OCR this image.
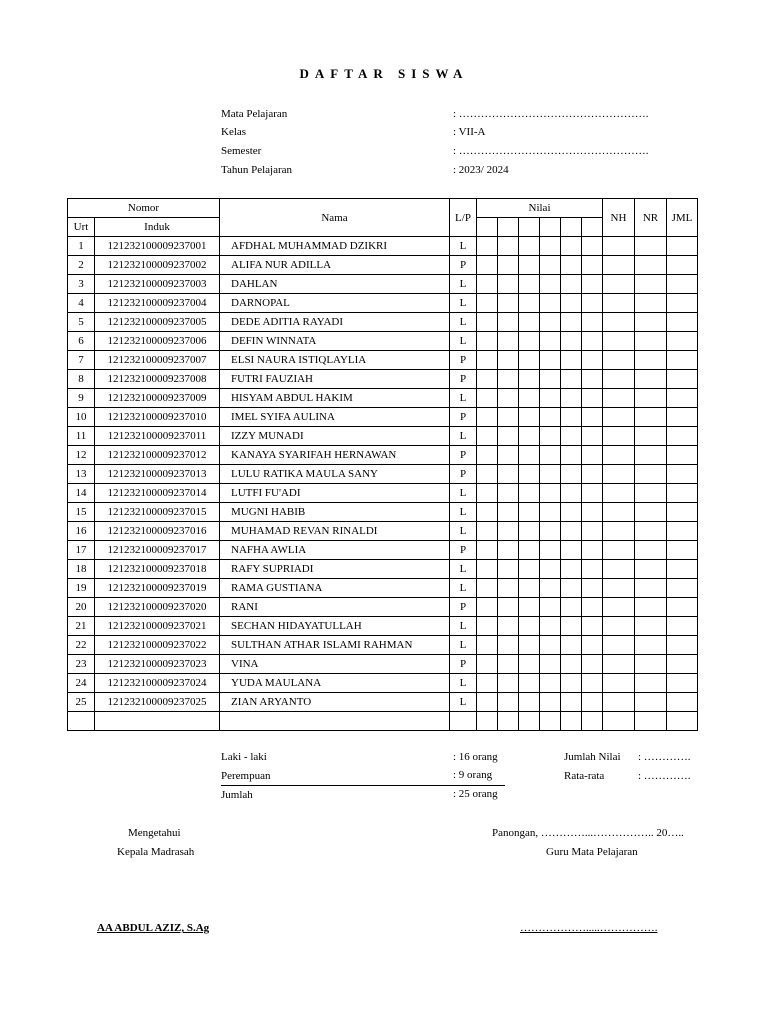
DAFTAR SISWA
Mata Pelajaran	: …………………………………………….
Kelas	: VII-A
Semester	: …………………………………………….
Tahun Pelajaran	: 2023/ 2024
Nomor		Nama	L/P	Nilai						NH	NR	JML
Urt	Induk											
1	121232100009237001	AFDHAL MUHAMMAD DZIKRI	L									
2	121232100009237002	ALIFA NUR ADILLA	P									
3	121232100009237003	DAHLAN	L									
4	121232100009237004	DARNOPAL	L									
5	121232100009237005	DEDE ADITIA RAYADI	L									
6	121232100009237006	DEFIN WINNATA	L									
7	121232100009237007	ELSI NAURA ISTIQLAYLIA	P									
8	121232100009237008	FUTRI FAUZIAH	P									
9	121232100009237009	HISYAM ABDUL HAKIM	L									
10	121232100009237010	IMEL SYIFA AULINA	P									
11	121232100009237011	IZZY MUNADI	L									
12	121232100009237012	KANAYA SYARIFAH HERNAWAN	P									
13	121232100009237013	LULU RATIKA MAULA SANY	P									
14	121232100009237014	LUTFI FU'ADI	L									
15	121232100009237015	MUGNI HABIB	L									
16	121232100009237016	MUHAMAD REVAN RINALDI	L									
17	121232100009237017	NAFHA AWLIA	P									
18	121232100009237018	RAFY SUPRIADI	L									
19	121232100009237019	RAMA GUSTIANA	L									
20	121232100009237020	RANI	P									
21	121232100009237021	SECHAN HIDAYATULLAH	L									
22	121232100009237022	SULTHAN ATHAR ISLAMI RAHMAN	L									
23	121232100009237023	VINA	P									
24	121232100009237024	YUDA MAULANA	L									
25	121232100009237025	ZIAN ARYANTO	L									

Laki - laki	: 16 orang
Perempuan	: 9 orang
Jumlah	: 25 orang
Jumlah Nilai : ………….
Rata-rata	: ………….
Mengetahui
Kepala Madrasah
Panongan, …………...…………….. 20…..
Guru Mata Pelajaran
AA ABDUL AZIZ, S.Ag	……………….....…………….
